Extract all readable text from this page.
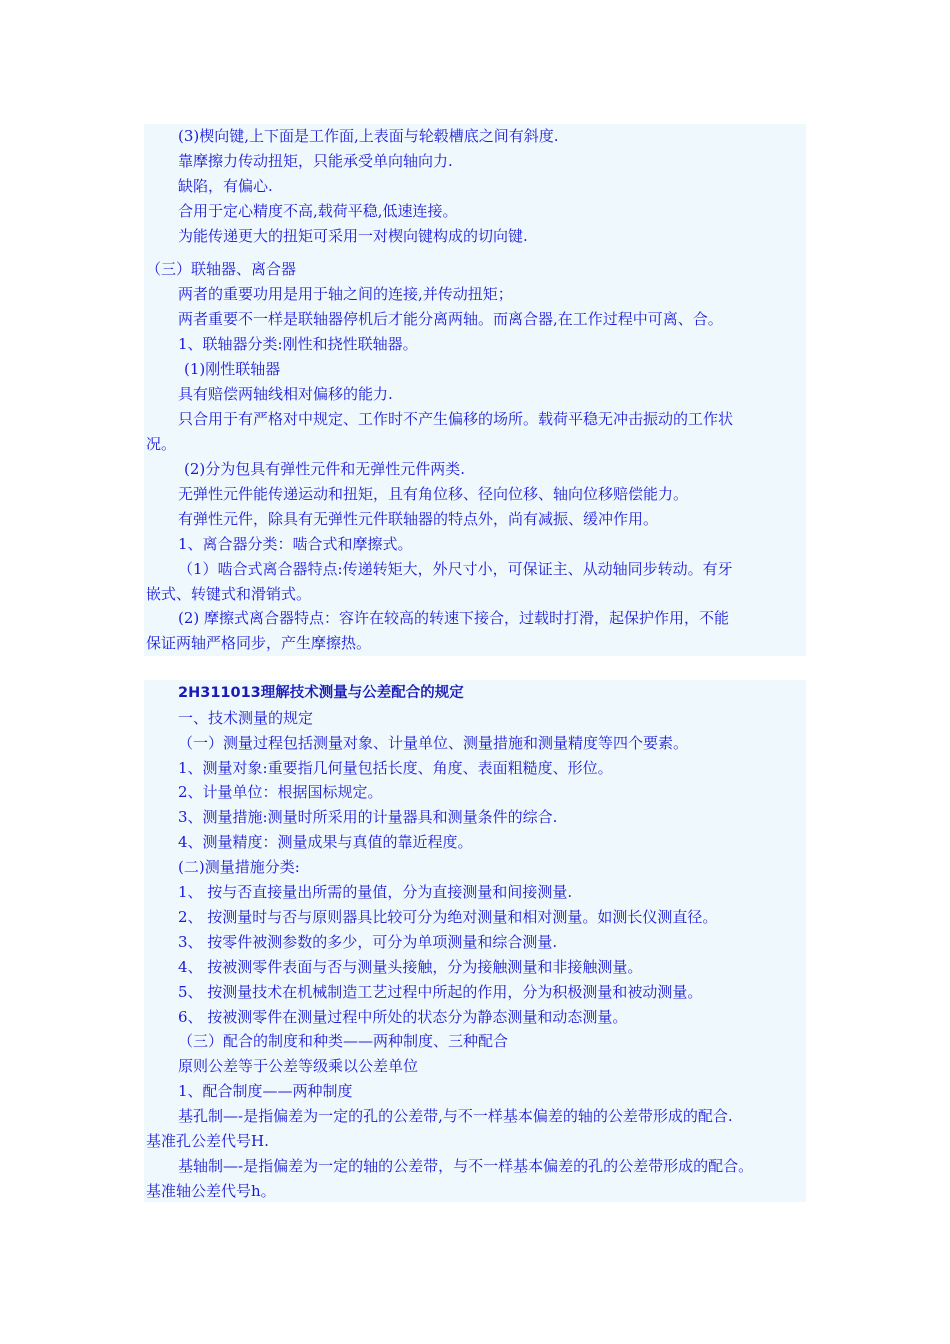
(3)楔向键,上下面是工作面,上表面与轮毂槽底之间有斜度.
靠摩擦力传动扭矩，只能承受单向轴向力.
缺陷，有偏心.
合用于定心精度不高,载荷平稳,低速连接。
为能传递更大的扭矩可采用一对楔向键构成的切向键.
（三）联轴器、离合器
两者的重要功用是用于轴之间的连接,并传动扭矩；
两者重要不一样是联轴器停机后才能分离两轴。而离合器,在工作过程中可离、合。
1、联轴器分类:刚性和挠性联轴器。
(1)刚性联轴器
具有赔偿两轴线相对偏移的能力.
只合用于有严格对中规定、工作时不产生偏移的场所。载荷平稳无冲击振动的工作状
况。
(2)分为包具有弹性元件和无弹性元件两类.
无弹性元件能传递运动和扭矩，且有角位移、径向位移、轴向位移赔偿能力。
有弹性元件，除具有无弹性元件联轴器的特点外，尚有减振、缓冲作用。
1、离合器分类：啮合式和摩擦式。
（1）啮合式离合器特点:传递转矩大，外尺寸小，可保证主、从动轴同步转动。有牙
嵌式、转键式和滑销式。
(2) 摩擦式离合器特点：容许在较高的转速下接合，过载时打滑，起保护作用，不能
保证两轴严格同步，产生摩擦热。
2H311013理解技术测量与公差配合的规定
一、技术测量的规定
（一）测量过程包括测量对象、计量单位、测量措施和测量精度等四个要素。
1、测量对象:重要指几何量包括长度、角度、表面粗糙度、形位。
2、计量单位：根据国标规定。
3、测量措施:测量时所采用的计量器具和测量条件的综合.
4、测量精度：测量成果与真值的靠近程度。
(二)测量措施分类:
1、 按与否直接量出所需的量值，分为直接测量和间接测量.
2、 按测量时与否与原则器具比较可分为绝对测量和相对测量。如测长仪测直径。
3、 按零件被测参数的多少，可分为单项测量和综合测量.
4、 按被测零件表面与否与测量头接触，分为接触测量和非接触测量。
5、 按测量技术在机械制造工艺过程中所起的作用，分为积极测量和被动测量。
6、 按被测零件在测量过程中所处的状态分为静态测量和动态测量。
（三）配合的制度和种类——两种制度、三种配合
原则公差等于公差等级乘以公差单位
1、配合制度——两种制度
基孔制—-是指偏差为一定的孔的公差带,与不一样基本偏差的轴的公差带形成的配合.
基准孔公差代号H.
基轴制—-是指偏差为一定的轴的公差带，与不一样基本偏差的孔的公差带形成的配合。
基准轴公差代号h。
